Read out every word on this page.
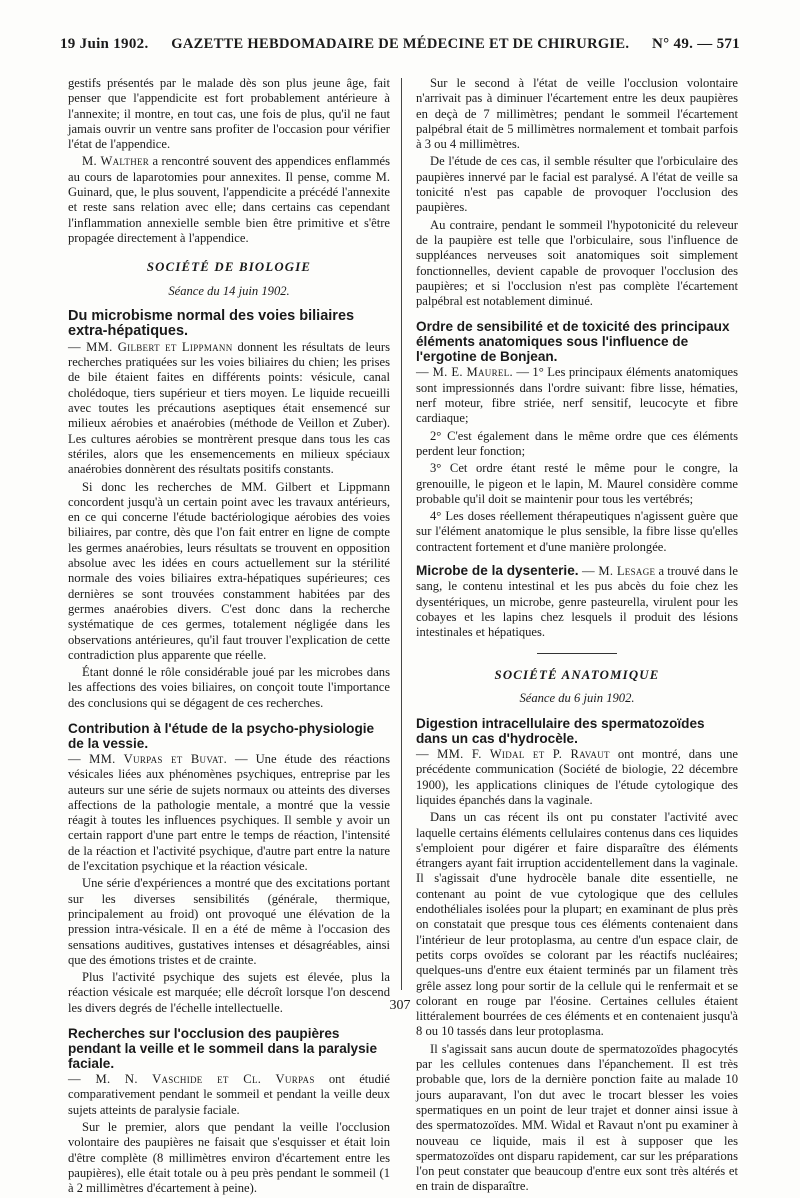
19 Juin 1902. GAZETTE HEBDOMADAIRE DE MÉDECINE ET DE CHIRURGIE. N° 49. — 571

gestifs présentés par le malade dès son plus jeune âge, fait penser que l'appendicite est fort probablement antérieure à l'annexite; il montre, en tout cas, une fois de plus, qu'il ne faut jamais ouvrir un ventre sans profiter de l'occasion pour vérifier l'état de l'appendice.

M. Walther a rencontré souvent des appendices enflammés au cours de laparotomies pour annexites. Il pense, comme M. Guinard, que, le plus souvent, l'appendicite a précédé l'annexite et reste sans relation avec elle; dans certains cas cependant l'inflammation annexielle semble bien être primitive et s'être propagée directement à l'appendice.

SOCIÉTÉ DE BIOLOGIE
Séance du 14 juin 1902.
Du microbisme normal des voies biliaires extra-hépatiques.

— MM. Gilbert et Lippmann donnent les résultats de leurs recherches pratiquées sur les voies biliaires du chien; les prises de bile étaient faites en différents points: vésicule, canal cholédoque, tiers supérieur et tiers moyen. Le liquide recueilli avec toutes les précautions aseptiques était ensemencé sur milieux aérobies et anaérobies (méthode de Veillon et Zuber). Les cultures aérobies se montrèrent presque dans tous les cas stériles, alors que les ensemencements en milieux spéciaux anaérobies donnèrent des résultats positifs constants.

Si donc les recherches de MM. Gilbert et Lippmann concordent jusqu'à un certain point avec les travaux antérieurs, en ce qui concerne l'étude bactériologique aérobies des voies biliaires, par contre, dès que l'on fait entrer en ligne de compte les germes anaérobies, leurs résultats se trouvent en opposition absolue avec les idées en cours actuellement sur la stérilité normale des voies biliaires extra-hépatiques supérieures; ces dernières se sont trouvées constamment habitées par des germes anaérobies divers. C'est donc dans la recherche systématique de ces germes, totalement négligée dans les observations antérieures, qu'il faut trouver l'explication de cette contradiction plus apparente que réelle.

Étant donné le rôle considérable joué par les microbes dans les affections des voies biliaires, on conçoit toute l'importance des conclusions qui se dégagent de ces recherches.

Contribution à l'étude de la psycho-physiologie de la vessie.

— MM. Vurpas et Buvat. — Une étude des réactions vésicales liées aux phénomènes psychiques, entreprise par les auteurs sur une série de sujets normaux ou atteints des diverses affections de la pathologie mentale, a montré que la vessie réagit à toutes les influences psychiques. Il semble y avoir un certain rapport d'une part entre le temps de réaction, l'intensité de la réaction et l'activité psychique, d'autre part entre la nature de l'excitation psychique et la réaction vésicale.

Une série d'expériences a montré que des excitations portant sur les diverses sensibilités (générale, thermique, principalement au froid) ont provoqué une élévation de la pression intra-vésicale. Il en a été de même à l'occasion des sensations auditives, gustatives intenses et désagréables, ainsi que des émotions tristes et de crainte.

Plus l'activité psychique des sujets est élevée, plus la réaction vésicale est marquée; elle décroît lorsque l'on descend les divers degrés de l'échelle intellectuelle.

Recherches sur l'occlusion des paupières pendant la veille et le sommeil dans la paralysie faciale.

— M. N. Vaschide et Cl. Vurpas ont étudié comparativement pendant le sommeil et pendant la veille deux sujets atteints de paralysie faciale.

Sur le premier, alors que pendant la veille l'occlusion volontaire des paupières ne faisait que s'esquisser et était loin d'être complète (8 millimètres environ d'écartement entre les paupières), elle était totale ou à peu près pendant le sommeil (1 à 2 millimètres d'écartement à peine).

Sur le second à l'état de veille l'occlusion volontaire n'arrivait pas à diminuer l'écartement entre les deux paupières en deçà de 7 millimètres; pendant le sommeil l'écartement palpébral était de 5 millimètres normalement et tombait parfois à 3 ou 4 millimètres.

De l'étude de ces cas, il semble résulter que l'orbiculaire des paupières innervé par le facial est paralysé. A l'état de veille sa tonicité n'est pas capable de provoquer l'occlusion des paupières.

Au contraire, pendant le sommeil l'hypotonicité du releveur de la paupière est telle que l'orbiculaire, sous l'influence de suppléances nerveuses soit anatomiques soit simplement fonctionnelles, devient capable de provoquer l'occlusion des paupières; et si l'occlusion n'est pas complète l'écartement palpébral est notablement diminué.

Ordre de sensibilité et de toxicité des principaux éléments anatomiques sous l'influence de l'ergotine de Bonjean.

— M. E. Maurel. — 1° Les principaux éléments anatomiques sont impressionnés dans l'ordre suivant: fibre lisse, hématies, nerf moteur, fibre striée, nerf sensitif, leucocyte et fibre cardiaque;

2° C'est également dans le même ordre que ces éléments perdent leur fonction;

3° Cet ordre étant resté le même pour le congre, la grenouille, le pigeon et le lapin, M. Maurel considère comme probable qu'il doit se maintenir pour tous les vertébrés;

4° Les doses réellement thérapeutiques n'agissent guère que sur l'élément anatomique le plus sensible, la fibre lisse qu'elles contractent fortement et d'une manière prolongée.

Microbe de la dysenterie. — M. Lesage a trouvé dans le sang, le contenu intestinal et les pus abcès du foie chez les dysentériques, un microbe, genre pasteurella, virulent pour les cobayes et les lapins chez lesquels il produit des lésions intestinales et hépatiques.

SOCIÉTÉ ANATOMIQUE
Séance du 6 juin 1902.
Digestion intracellulaire des spermatozoïdes dans un cas d'hydrocèle.

— MM. F. Widal et P. Ravaut ont montré, dans une précédente communication (Société de biologie, 22 décembre 1900), les applications cliniques de l'étude cytologique des liquides épanchés dans la vaginale.

Dans un cas récent ils ont pu constater l'activité avec laquelle certains éléments cellulaires contenus dans ces liquides s'emploient pour digérer et faire disparaître des éléments étrangers ayant fait irruption accidentellement dans la vaginale. Il s'agissait d'une hydrocèle banale dite essentielle, ne contenant au point de vue cytologique que des cellules endothéliales isolées pour la plupart; en examinant de plus près on constatait que presque tous ces éléments contenaient dans l'intérieur de leur protoplasma, au centre d'un espace clair, de petits corps ovoïdes se colorant par les réactifs nucléaires; quelques-uns d'entre eux étaient terminés par un filament très grêle assez long pour sortir de la cellule qui le renfermait et se colorant en rouge par l'éosine. Certaines cellules étaient littéralement bourrées de ces éléments et en contenaient jusqu'à 8 ou 10 tassés dans leur protoplasma.

Il s'agissait sans aucun doute de spermatozoïdes phagocytés par les cellules contenues dans l'épanchement. Il est très probable que, lors de la dernière ponction faite au malade 10 jours auparavant, l'on dut avec le trocart blesser les voies spermatiques en un point de leur trajet et donner ainsi issue à des spermatozoïdes. MM. Widal et Ravaut n'ont pu examiner à nouveau ce liquide, mais il est à supposer que les spermatozoïdes ont disparu rapidement, car sur les préparations l'on peut constater que beaucoup d'entre eux sont très altérés et en train de disparaître.

307
